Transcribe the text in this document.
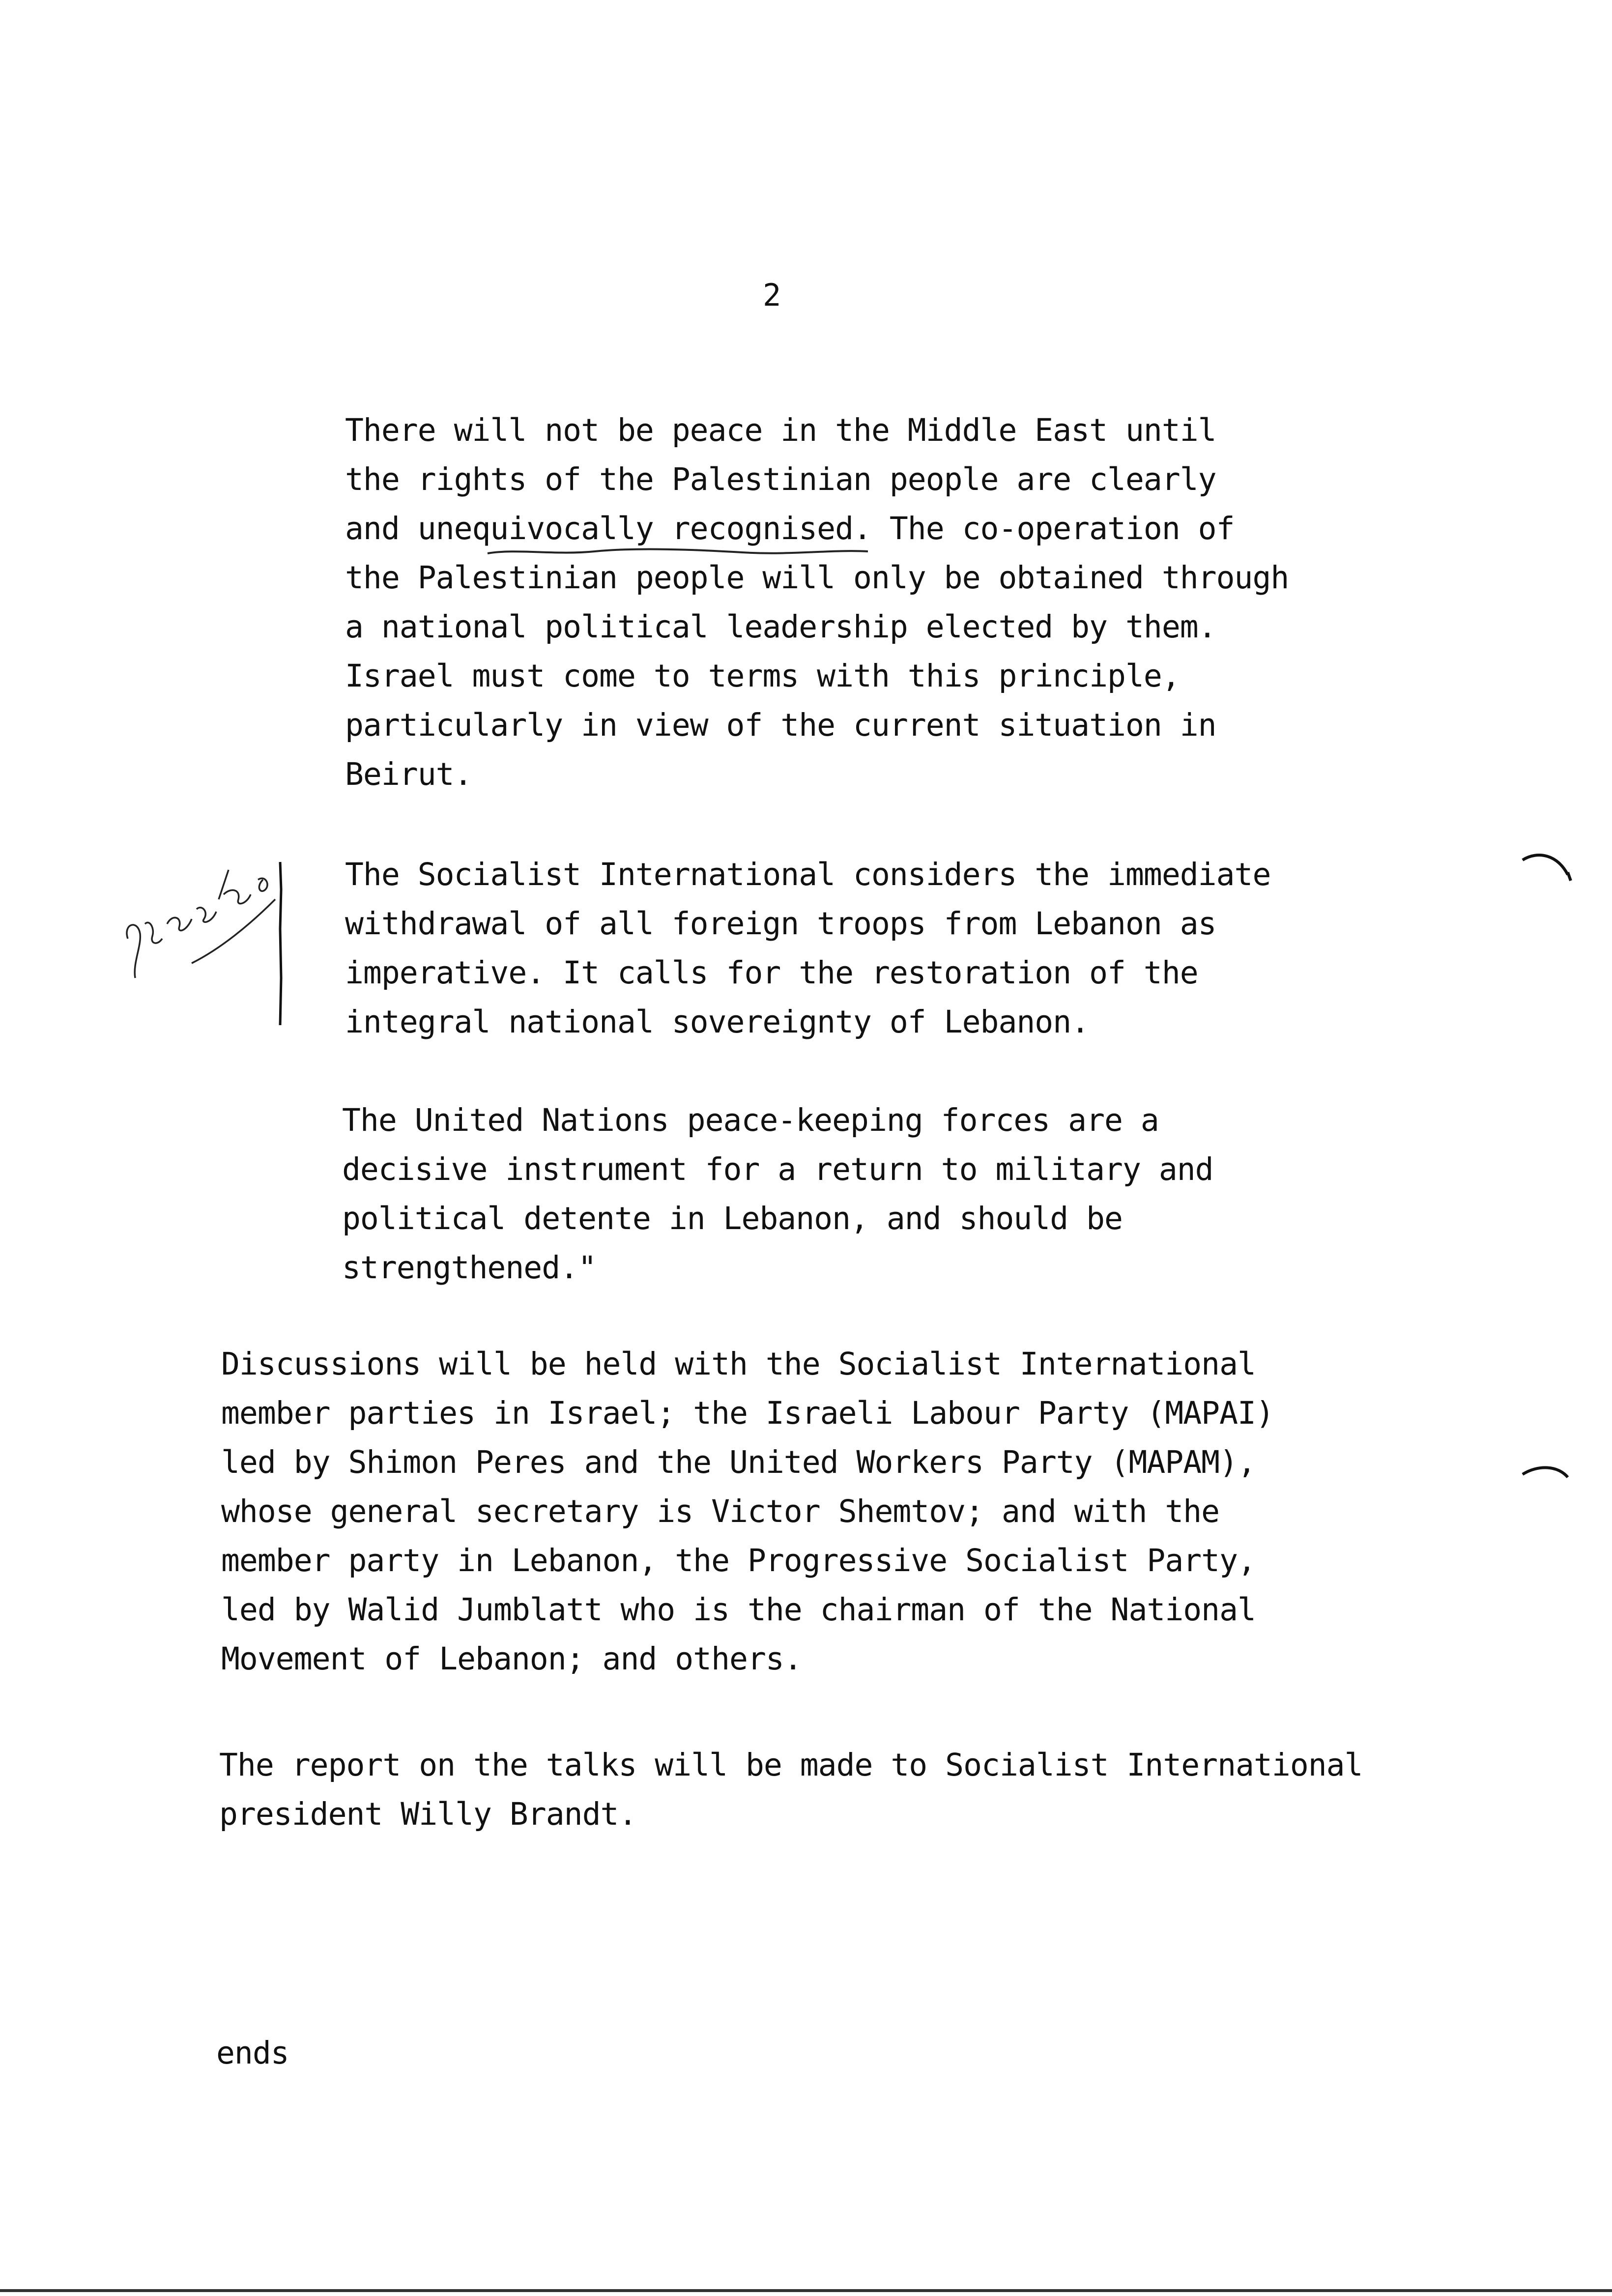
2
There will not be peace in the Middle East until
the rights of the Palestinian people are clearly
and unequivocally recognised. The co-operation of
the Palestinian people will only be obtained through
a national political leadership elected by them.
Israel must come to terms with this principle,
particularly in view of the current situation in
Beirut.
The Socialist International considers the immediate
withdrawal of all foreign troops from Lebanon as
imperative. It calls for the restoration of the
integral national sovereignty of Lebanon.
The United Nations peace-keeping forces are a
decisive instrument for a return to military and
political detente in Lebanon, and should be
strengthened."
Discussions will be held with the Socialist International
member parties in Israel; the Israeli Labour Party (MAPAI)
led by Shimon Peres and the United Workers Party (MAPAM),
whose general secretary is Victor Shemtov; and with the
member party in Lebanon, the Progressive Socialist Party,
led by Walid Jumblatt who is the chairman of the National
Movement of Lebanon; and others.
The report on the talks will be made to Socialist International
president Willy Brandt.
ends
